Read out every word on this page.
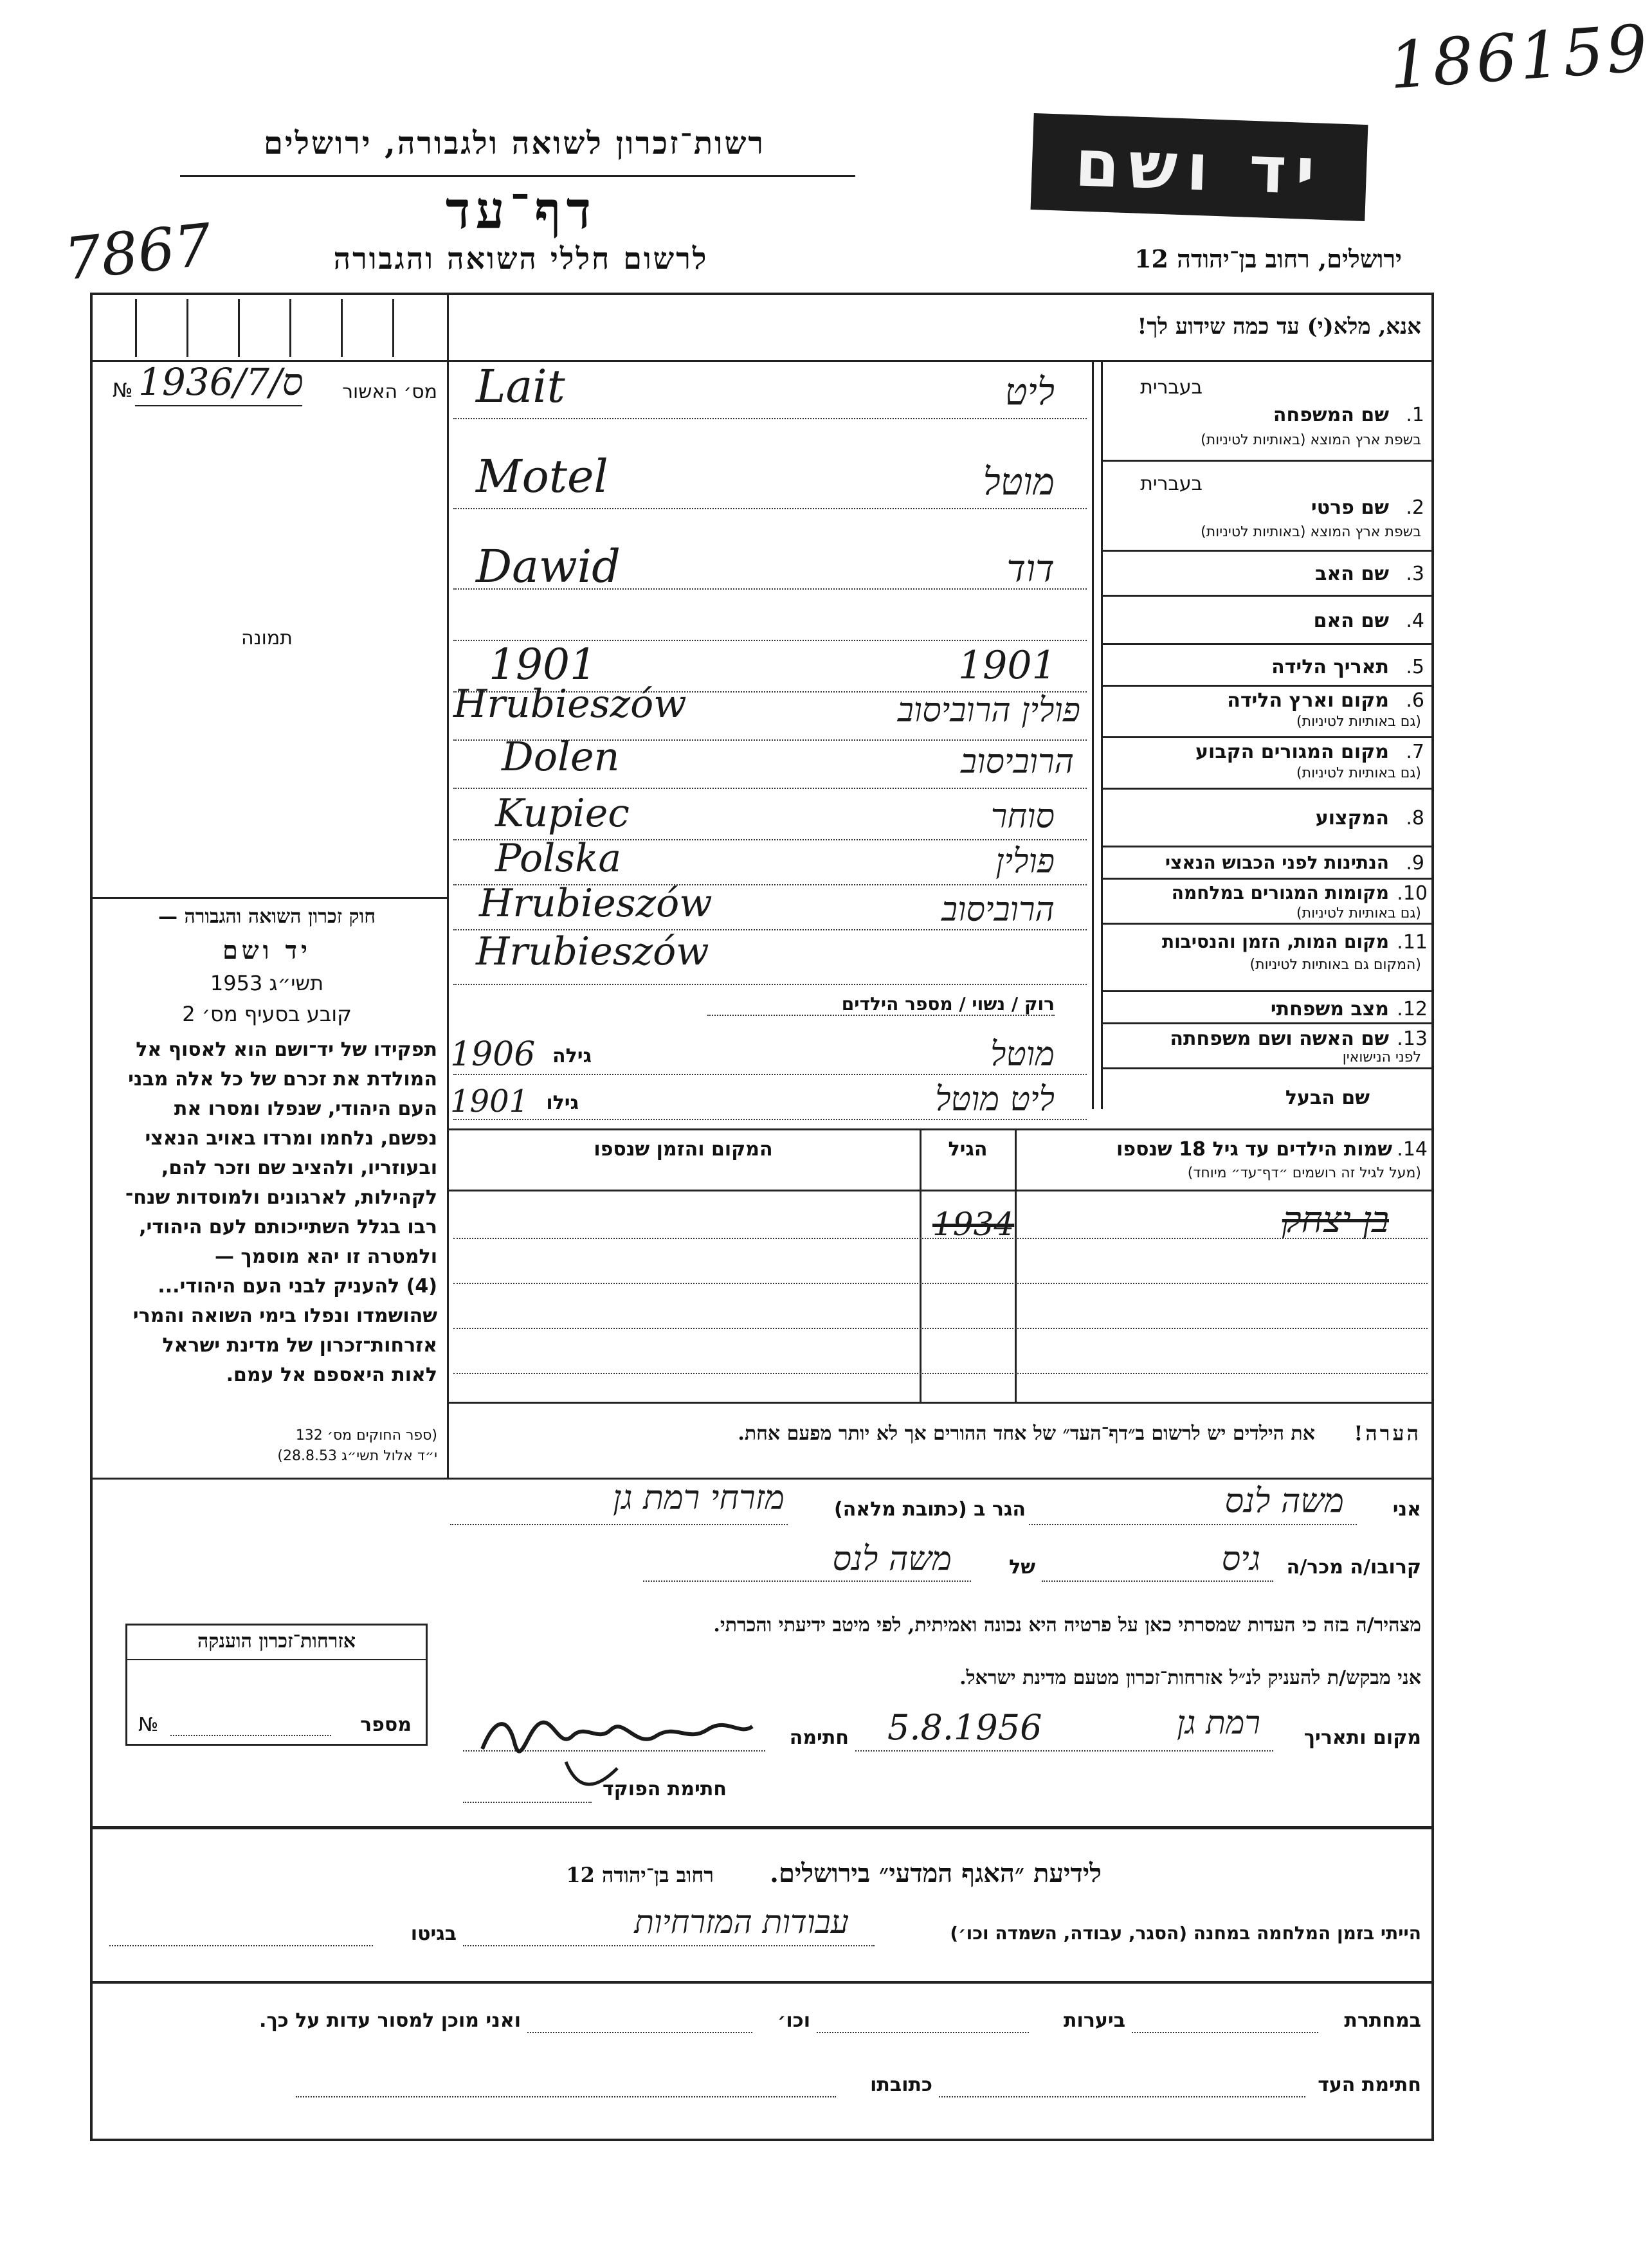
186159
7867
רשות־זכרון לשואה ולגבורה, ירושלים
דף־עד
לרשום חללי השואה והגבורה
יד ושם
ירושלים, רחוב בן־יהודה 12
אנא, מלא(י) עד כמה שידוע לך!
№ 1936/7/ס	מס׳ האשור
תמונה
בעברית
1.
שם המשפחה
בשפת ארץ המוצא (באותיות לטיניות)
Lait	ליט
בעברית
2.
שם פרטי
בשפת ארץ המוצא (באותיות לטיניות)
Motel	מוטל
3.
שם האב
Dawid	דוד
4.
שם האם
5.
תאריך הלידה
1901	1901
6.
מקום וארץ הלידה
(גם באותיות לטיניות)
Hrubieszów	פולין הרוביסוב
7.
מקום המגורים הקבוע
(גם באותיות לטיניות)
Dolen	הרוביסוב
8.
המקצוע
Kupiec	סוחר
9.
הנתינות לפני הכבוש הנאצי
Polska	פולין
10.
מקומות המגורים במלחמה
(גם באותיות לטיניות)
Hrubieszów	הרוביסוב
11.
מקום המות, הזמן והנסיבות
(המקום גם באותיות לטיניות)
Hrubieszów
12.
מצב משפחתי
רוק / נשוי / מספר הילדים
13.
שם האשה ושם משפחתה
לפני הנישואין
גילה
1906	מוטל
שם הבעל
גילו
1901	ליט מוטל
14.
שמות הילדים עד גיל 18 שנספו
(מעל לגיל זה רושמים ״דף־עד״ מיוחד)
הגיל
המקום והזמן שנספו
בן יצחק
1934
חוק זכרון השואה והגבורה —
יד ושם
תשי״ג 1953
קובע בסעיף מס׳ 2
תפקידו של יד־ושם הוא לאסוף אל
המולדת את זכרם של כל אלה מבני
העם היהודי, שנפלו ומסרו את
נפשם, נלחמו ומרדו באויב הנאצי
ובעוזריו, ולהציב שם וזכר להם,
לקהילות, לארגונים ולמוסדות שנח־
רבו בגלל השתייכותם לעם היהודי,
ולמטרה זו יהא מוסמך —
(4) להעניק לבני העם היהודי...
שהושמדו ונפלו בימי השואה והמרי
אזרחות־זכרון של מדינת ישראל
לאות היאספם אל עמם.
(ספר החוקים מס׳ 132
י״ד אלול תשי״ג 28.8.53)
הערה!
את הילדים יש לרשום ב״דף־העד״ של אחד ההורים אך לא יותר מפעם אחת.
אני
משה לנס
הגר ב (כתובת מלאה)
מזרחי רמת גן
קרובו/ה מכר/ה
גיס
של
משה לנס
מצהיר/ה בזה כי העדות שמסרתי כאן על פרטיה היא נכונה ואמיתית, לפי מיטב ידיעתי והכרתי.
אני מבקש/ת להעניק לנ״ל אזרחות־זכרון מטעם מדינת ישראל.
מקום ותאריך
רמת גן
5.8.1956
חתימה
חתימת הפוקד
אזרחות־זכרון הוענקה
№	מספר
לידיעת ״האגף המדעי״ בירושלים.
רחוב בן־יהודה 12
הייתי בזמן המלחמה במחנה (הסגר, עבודה, השמדה וכו׳)
עבודות המזרחיות
בגיטו
במחתרת
ביערות
וכו׳
ואני מוכן למסור עדות על כך.
חתימת העד
כתובתו
